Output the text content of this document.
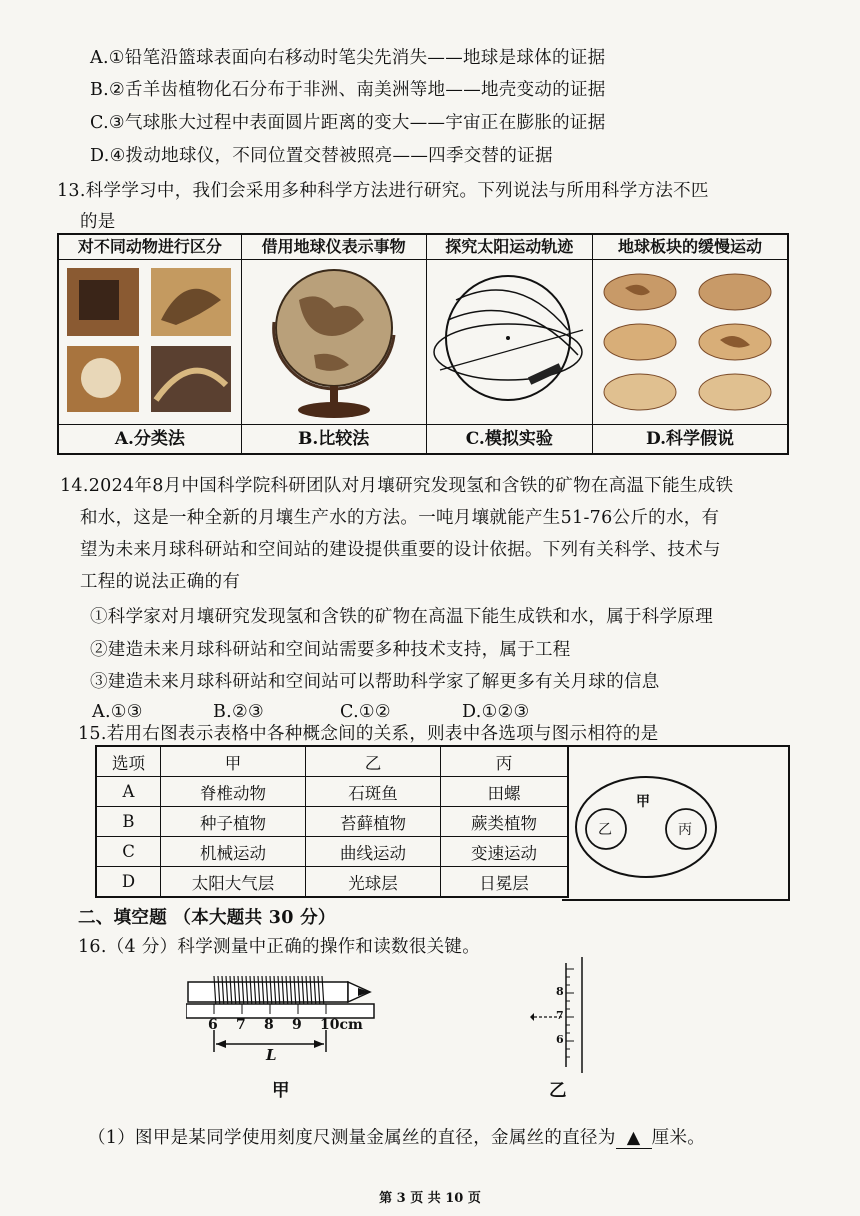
A.①铅笔沿篮球表面向右移动时笔尖先消失——地球是球体的证据
B.②舌羊齿植物化石分布于非洲、南美洲等地——地壳变动的证据
C.③气球胀大过程中表面圆片距离的变大——宇宙正在膨胀的证据
D.④拨动地球仪，不同位置交替被照亮——四季交替的证据
13.科学学习中，我们会采用多种科学方法进行研究。下列说法与所用科学方法不匹
的是
对不同动物进行区分	借用地球仪表示事物	探究太阳运动轨迹	地球板块的缓慢运动

A.分类法	B.比较法	C.模拟实验	D.科学假说
14.2024年8月中国科学院科研团队对月壤研究发现氢和含铁的矿物在高温下能生成铁
和水，这是一种全新的月壤生产水的方法。一吨月壤就能产生51-76公斤的水，有
望为未来月球科研站和空间站的建设提供重要的设计依据。下列有关科学、技术与
工程的说法正确的有
①科学家对月壤研究发现氢和含铁的矿物在高温下能生成铁和水，属于科学原理
②建造未来月球科研站和空间站需要多种技术支持，属于工程
③建造未来月球科研站和空间站可以帮助科学家了解更多有关月球的信息
A.①③	B.②③	C.①②	D.①②③
15.若用右图表示表格中各种概念间的关系，则表中各选项与图示相符的是
选项	甲	乙	丙
A	脊椎动物	石斑鱼	田螺
B	种子植物	苔藓植物	蕨类植物
C	机械运动	曲线运动	变速运动
D	太阳大气层	光球层	日冕层
甲
乙	丙
二、填空题 （本大题共 30 分）
16.（4 分）科学测量中正确的操作和读数很关键。
6 7 8 9 10cm
L
甲
8
7
6
乙
（1）图甲是某同学使用刻度尺测量金属丝的直径，金属丝的直径为 ▲ 厘米。
第 3 页 共 10 页
